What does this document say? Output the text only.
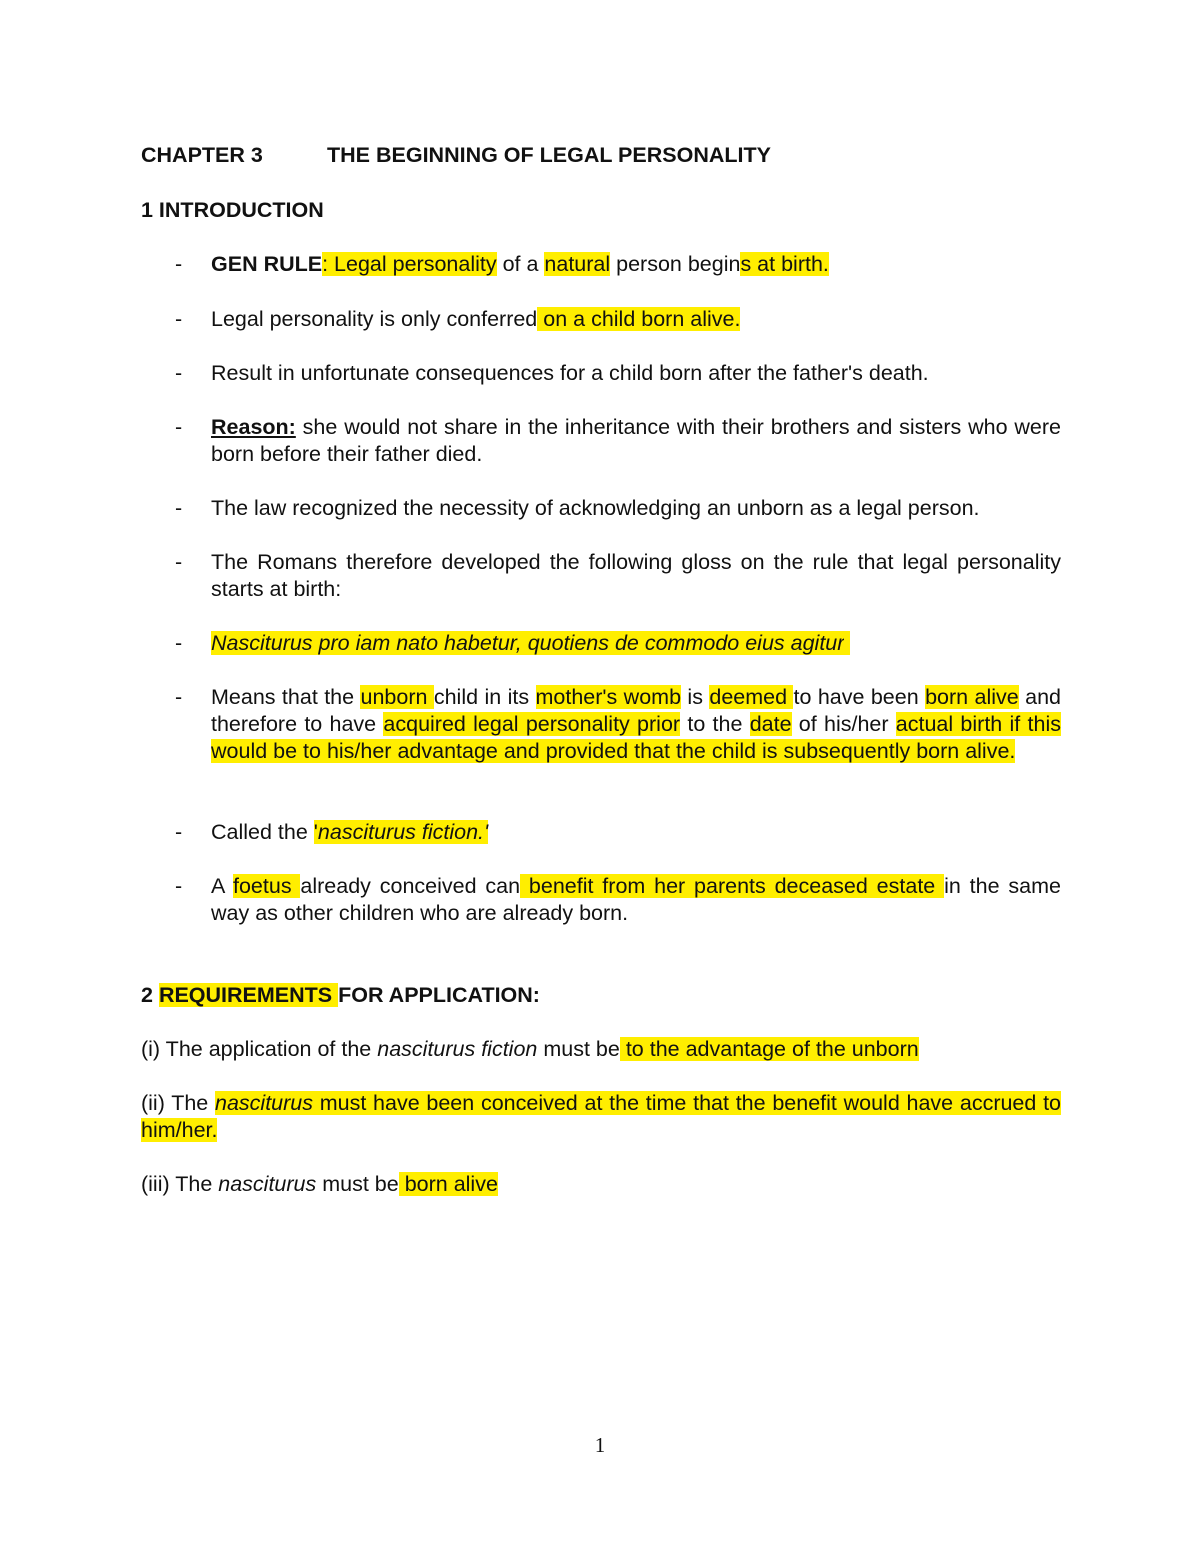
CHAPTER 3	THE BEGINNING OF LEGAL PERSONALITY
1 INTRODUCTION
- GEN RULE: Legal personality of a natural person begins at birth.
- Legal personality is only conferred on a child born alive.
- Result in unfortunate consequences for a child born after the father's death.
- Reason: she would not share in the inheritance with their brothers and sisters who were born before their father died.
- The law recognized the necessity of acknowledging an unborn as a legal person.
- The Romans therefore developed the following gloss on the rule that legal personality starts at birth:
- Nasciturus pro iam nato habetur, quotiens de commodo eius agitur
- Means that the unborn child in its mother's womb is deemed to have been born alive and therefore to have acquired legal personality prior to the date of his/her actual birth if this would be to his/her advantage and provided that the child is subsequently born alive.
- Called the 'nasciturus fiction.'
- A foetus already conceived can benefit from her parents deceased estate in the same way as other children who are already born.
2 REQUIREMENTS FOR APPLICATION:
(i) The application of the nasciturus fiction must be to the advantage of the unborn
(ii) The nasciturus must have been conceived at the time that the benefit would have accrued to him/her.
(iii) The nasciturus must be born alive
1
